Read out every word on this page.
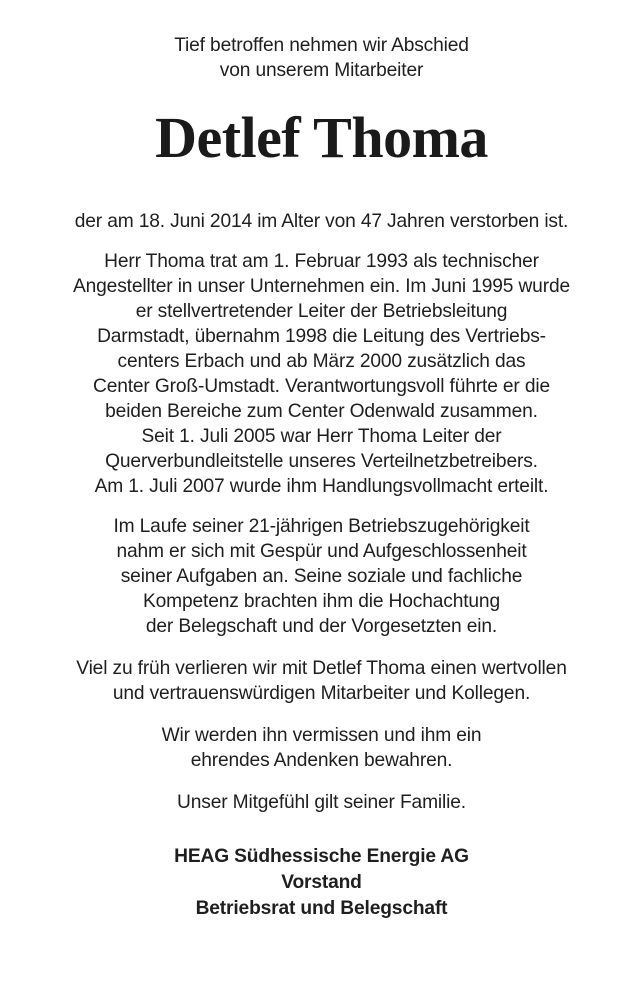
Tief betroffen nehmen wir Abschied
von unserem Mitarbeiter

Detlef Thoma

der am 18. Juni 2014 im Alter von 47 Jahren verstorben ist.

Herr Thoma trat am 1. Februar 1993 als technischer
Angestellter in unser Unternehmen ein. Im Juni 1995 wurde
er stellvertretender Leiter der Betriebsleitung
Darmstadt, übernahm 1998 die Leitung des Vertriebs-
centers Erbach und ab März 2000 zusätzlich das
Center Groß-Umstadt. Verantwortungsvoll führte er die
beiden Bereiche zum Center Odenwald zusammen.
Seit 1. Juli 2005 war Herr Thoma Leiter der
Querverbundleitstelle unseres Verteilnetzbetreibers.
Am 1. Juli 2007 wurde ihm Handlungsvollmacht erteilt.

Im Laufe seiner 21-jährigen Betriebszugehörigkeit
nahm er sich mit Gespür und Aufgeschlossenheit
seiner Aufgaben an. Seine soziale und fachliche
Kompetenz brachten ihm die Hochachtung
der Belegschaft und der Vorgesetzten ein.

Viel zu früh verlieren wir mit Detlef Thoma einen wertvollen
und vertrauenswürdigen Mitarbeiter und Kollegen.

Wir werden ihn vermissen und ihm ein
ehrendes Andenken bewahren.

Unser Mitgefühl gilt seiner Familie.

HEAG Südhessische Energie AG
Vorstand
Betriebsrat und Belegschaft
